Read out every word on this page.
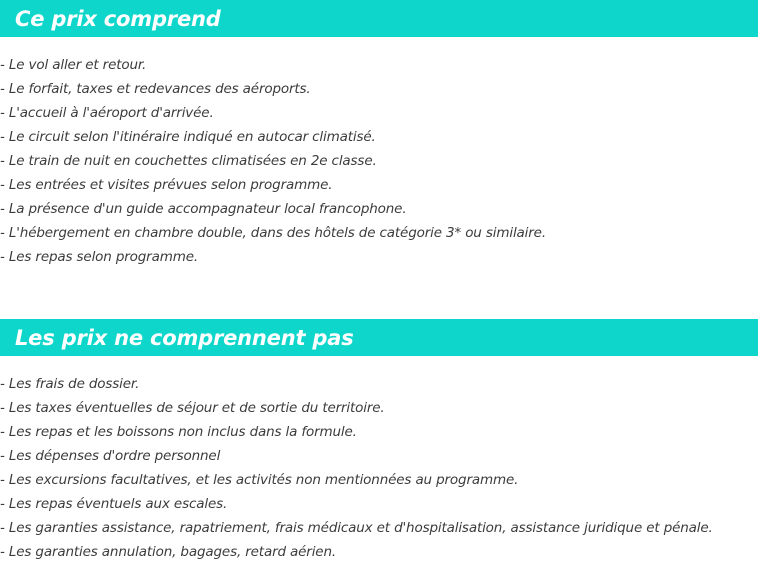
Ce prix comprend
- Le vol aller et retour.
- Le forfait, taxes et redevances des aéroports.
- L'accueil à l'aéroport d'arrivée.
- Le circuit selon l'itinéraire indiqué en autocar climatisé.
- Le train de nuit en couchettes climatisées en 2e classe.
- Les entrées et visites prévues selon programme.
- La présence d'un guide accompagnateur local francophone.
- L'hébergement en chambre double, dans des hôtels de catégorie 3* ou similaire.
- Les repas selon programme.
Les prix ne comprennent pas
- Les frais de dossier.
- Les taxes éventuelles de séjour et de sortie du territoire.
- Les repas et les boissons non inclus dans la formule.
- Les dépenses d'ordre personnel
- Les excursions facultatives, et les activités non mentionnées au programme.
- Les repas éventuels aux escales.
- Les garanties assistance, rapatriement, frais médicaux et d'hospitalisation, assistance juridique et pénale.
- Les garanties annulation, bagages, retard aérien.
